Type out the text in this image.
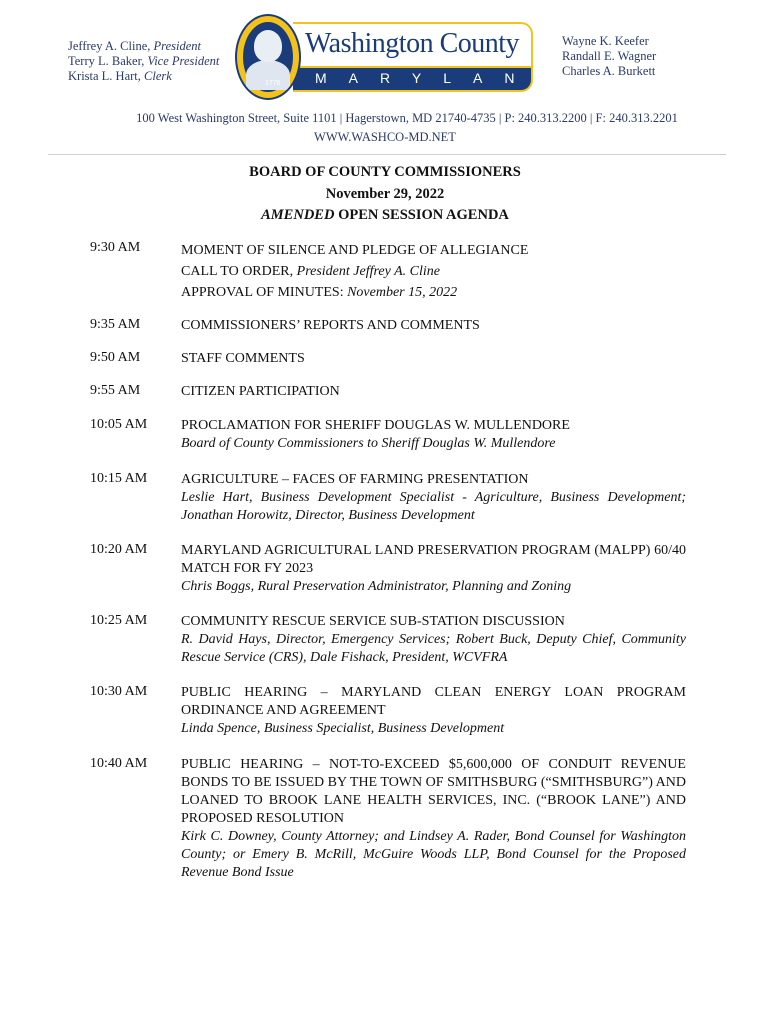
Jeffrey A. Cline, President
Terry L. Baker, Vice President
Krista L. Hart, Clerk
Washington County
MARYLAND
1776
Wayne K. Keefer
Randall E. Wagner
Charles A. Burkett
100 West Washington Street, Suite 1101 | Hagerstown, MD 21740-4735 | P: 240.313.2200 | F: 240.313.2201
WWW.WASHCO-MD.NET
BOARD OF COUNTY COMMISSIONERS
November 29, 2022
AMENDED OPEN SESSION AGENDA
9:30 AM	MOMENT OF SILENCE AND PLEDGE OF ALLEGIANCE
CALL TO ORDER, President Jeffrey A. Cline
APPROVAL OF MINUTES: November 15, 2022
9:35 AM	COMMISSIONERS’ REPORTS AND COMMENTS
9:50 AM	STAFF COMMENTS
9:55 AM	CITIZEN PARTICIPATION
10:05 AM PROCLAMATION FOR SHERIFF DOUGLAS W. MULLENDORE
Board of County Commissioners to Sheriff Douglas W. Mullendore
10:15 AM AGRICULTURE – FACES OF FARMING PRESENTATION
Leslie Hart, Business Development Specialist - Agriculture, Business Development; Jonathan Horowitz, Director, Business Development
10:20 AM MARYLAND AGRICULTURAL LAND PRESERVATION PROGRAM (MALPP) 60/40 MATCH FOR FY 2023
Chris Boggs, Rural Preservation Administrator, Planning and Zoning
10:25 AM COMMUNITY RESCUE SERVICE SUB-STATION DISCUSSION
R. David Hays, Director, Emergency Services; Robert Buck, Deputy Chief, Community Rescue Service (CRS), Dale Fishack, President, WCVFRA
10:30 AM PUBLIC HEARING – MARYLAND CLEAN ENERGY LOAN PROGRAM ORDINANCE AND AGREEMENT
Linda Spence, Business Specialist, Business Development
10:40 AM PUBLIC HEARING – NOT-TO-EXCEED $5,600,000 OF CONDUIT REVENUE BONDS TO BE ISSUED BY THE TOWN OF SMITHSBURG (“SMITHSBURG”) AND LOANED TO BROOK LANE HEALTH SERVICES, INC. (“BROOK LANE”) AND PROPOSED RESOLUTION
Kirk C. Downey, County Attorney; and Lindsey A. Rader, Bond Counsel for Washington County; or Emery B. McRill, McGuire Woods LLP, Bond Counsel for the Proposed Revenue Bond Issue
